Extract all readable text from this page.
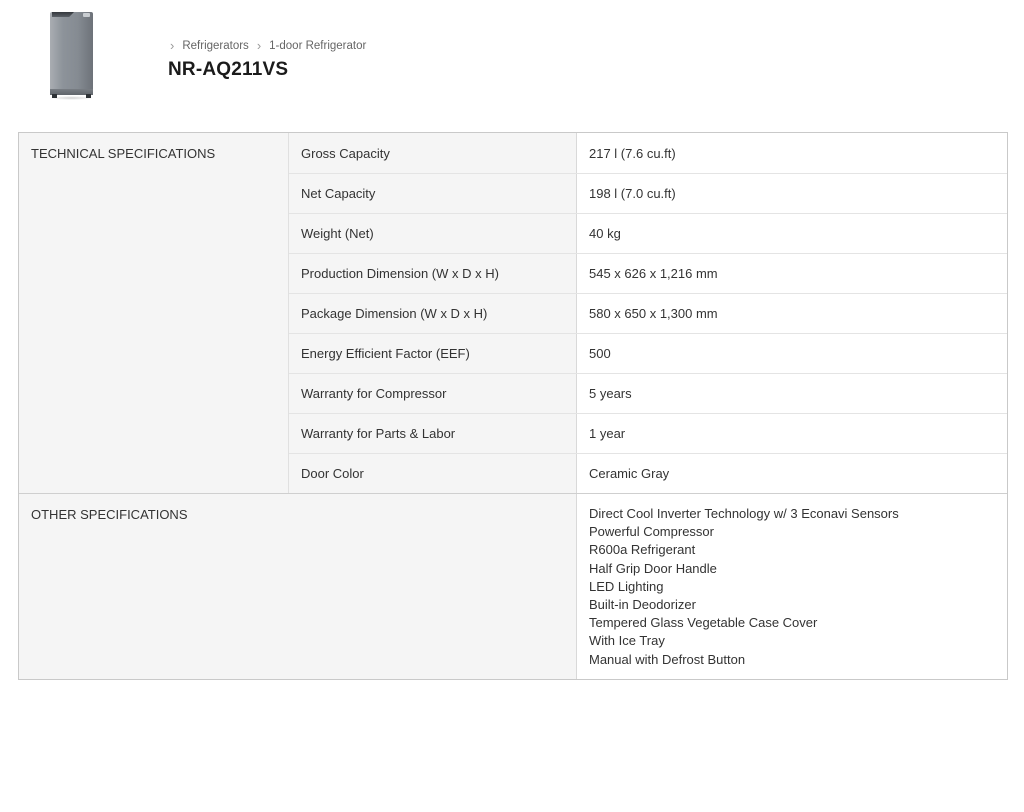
› Refrigerators › 1-door Refrigerator
NR-AQ211VS
TECHNICAL SPECIFICATIONS	Gross Capacity	217 l (7.6 cu.ft)
Net Capacity	198 l (7.0 cu.ft)
Weight (Net)	40 kg
Production Dimension (W x D x H)	545 x 626 x 1,216 mm
Package Dimension (W x D x H)	580 x 650 x 1,300 mm
Energy Efficient Factor (EEF)	500
Warranty for Compressor	5 years
Warranty for Parts & Labor	1 year
Door Color	Ceramic Gray
OTHER SPECIFICATIONS	Direct Cool Inverter Technology w/ 3 Econavi Sensors
Powerful Compressor
R600a Refrigerant
Half Grip Door Handle
LED Lighting
Built-in Deodorizer
Tempered Glass Vegetable Case Cover
With Ice Tray
Manual with Defrost Button
